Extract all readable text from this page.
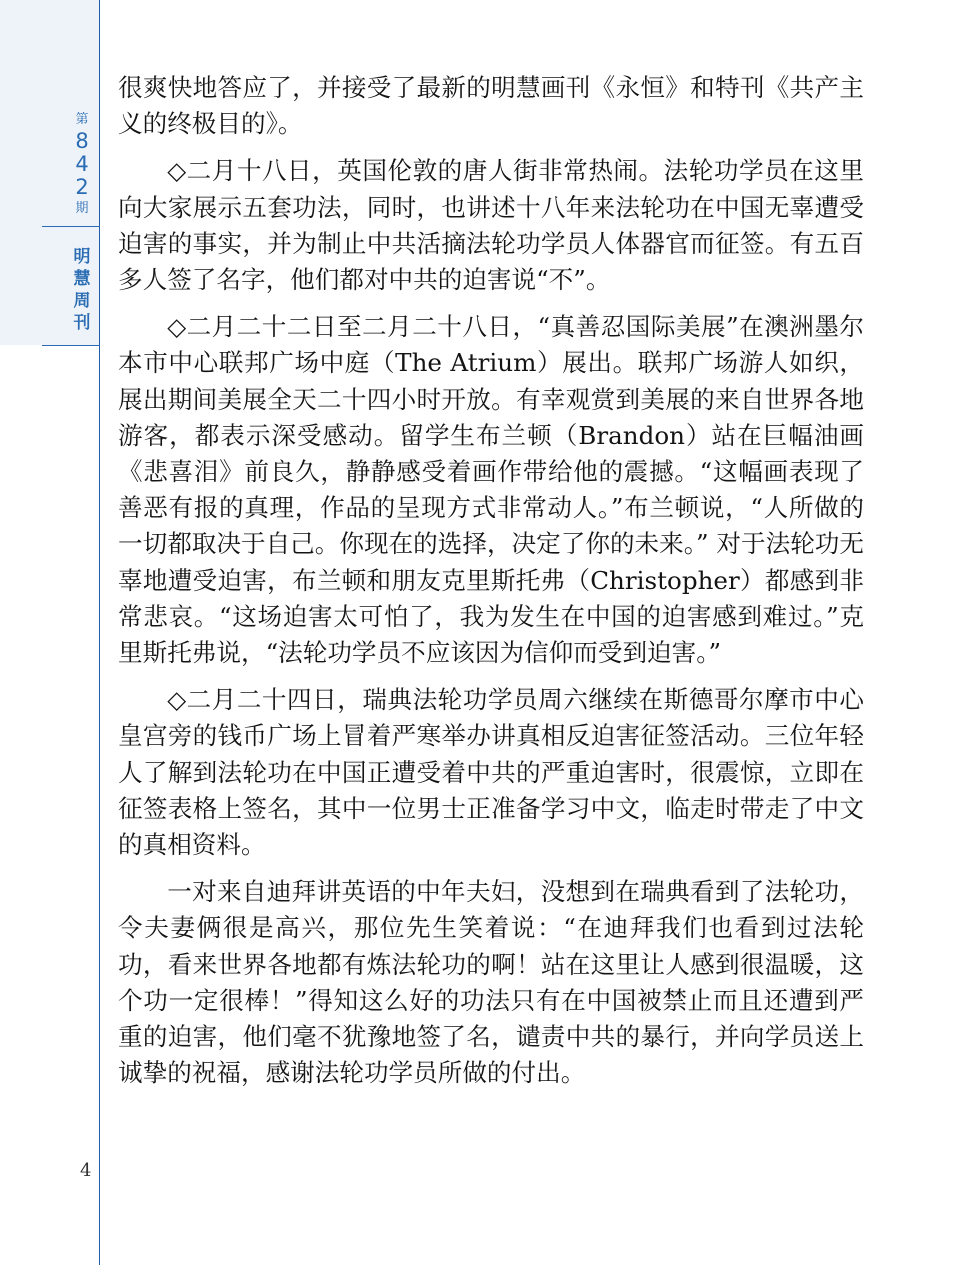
第
8
4
2
期
明
慧
周
刊
4

很爽快地答应了，并接受了最新的明慧画刊《永恒》和特刊《共产主义的终极目的》。

◇二月十八日，英国伦敦的唐人街非常热闹。法轮功学员在这里向大家展示五套功法，同时，也讲述十八年来法轮功在中国无辜遭受迫害的事实，并为制止中共活摘法轮功学员人体器官而征签。有五百多人签了名字，他们都对中共的迫害说“不”。

◇二月二十二日至二月二十八日，“真善忍国际美展”在澳洲墨尔本市中心联邦广场中庭（The Atrium）展出。联邦广场游人如织，展出期间美展全天二十四小时开放。有幸观赏到美展的来自世界各地游客，都表示深受感动。留学生布兰顿（Brandon）站在巨幅油画《悲喜泪》前良久，静静感受着画作带给他的震撼。“这幅画表现了善恶有报的真理，作品的呈现方式非常动人。”布兰顿说，“人所做的一切都取决于自己。你现在的选择，决定了你的未来。” 对于法轮功无辜地遭受迫害，布兰顿和朋友克里斯托弗（Christopher）都感到非常悲哀。“这场迫害太可怕了，我为发生在中国的迫害感到难过。”克里斯托弗说，“法轮功学员不应该因为信仰而受到迫害。”

◇二月二十四日，瑞典法轮功学员周六继续在斯德哥尔摩市中心皇宫旁的钱币广场上冒着严寒举办讲真相反迫害征签活动。三位年轻人了解到法轮功在中国正遭受着中共的严重迫害时，很震惊，立即在征签表格上签名，其中一位男士正准备学习中文，临走时带走了中文的真相资料。

一对来自迪拜讲英语的中年夫妇，没想到在瑞典看到了法轮功，令夫妻俩很是高兴，那位先生笑着说：“在迪拜我们也看到过法轮功，看来世界各地都有炼法轮功的啊！站在这里让人感到很温暖，这个功一定很棒！”得知这么好的功法只有在中国被禁止而且还遭到严重的迫害，他们毫不犹豫地签了名，谴责中共的暴行，并向学员送上诚挚的祝福，感谢法轮功学员所做的付出。
